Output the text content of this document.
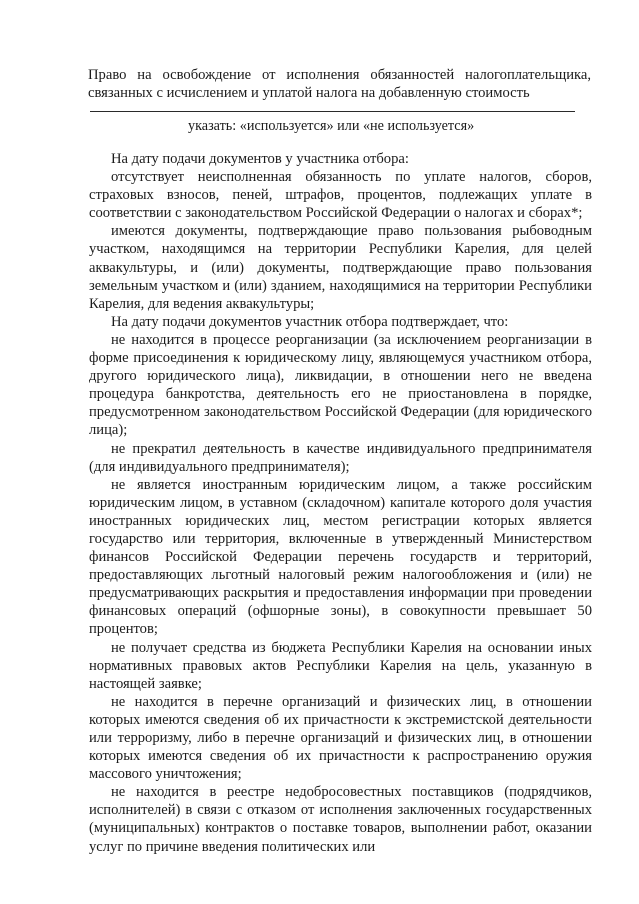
Право на освобождение от исполнения обязанностей налогоплательщика, связанных с исчислением и уплатой налога на добавленную стоимость
указать: «используется» или «не используется»

На дату подачи документов у участника отбора:

отсутствует неисполненная обязанность по уплате налогов, сборов, страховых взносов, пеней, штрафов, процентов, подлежащих уплате в соответствии с законодательством Российской Федерации о налогах и сборах*;

имеются документы, подтверждающие право пользования рыбоводным участком, находящимся на территории Республики Карелия, для целей аквакультуры, и (или) документы, подтверждающие право пользования земельным участком и (или) зданием, находящимися на территории Республики Карелия, для ведения аквакультуры;

На дату подачи документов участник отбора подтверждает, что:

не находится в процессе реорганизации (за исключением реорганизации в форме присоединения к юридическому лицу, являющемуся участником отбора, другого юридического лица), ликвидации, в отношении него не введена процедура банкротства, деятельность его не приостановлена в порядке, предусмотренном законодательством Российской Федерации (для юридического лица);

не прекратил деятельность в качестве индивидуального предпринимателя (для индивидуального предпринимателя);

не является иностранным юридическим лицом, а также российским юридическим лицом, в уставном (складочном) капитале которого доля участия иностранных юридических лиц, местом регистрации которых является государство или территория, включенные в утвержденный Министерством финансов Российской Федерации перечень государств и территорий, предоставляющих льготный налоговый режим налогообложения и (или) не предусматривающих раскрытия и предоставления информации при проведении финансовых операций (офшорные зоны), в совокупности превышает 50 процентов;

не получает средства из бюджета Республики Карелия на основании иных нормативных правовых актов Республики Карелия на цель, указанную в настоящей заявке;

не находится в перечне организаций и физических лиц, в отношении которых имеются сведения об их причастности к экстремистской деятельности или терроризму, либо в перечне организаций и физических лиц, в отношении которых имеются сведения об их причастности к распространению оружия массового уничтожения;

не находится в реестре недобросовестных поставщиков (подрядчиков, исполнителей) в связи с отказом от исполнения заключенных государственных (муниципальных) контрактов о поставке товаров, выполнении работ, оказании услуг по причине введения политических или
